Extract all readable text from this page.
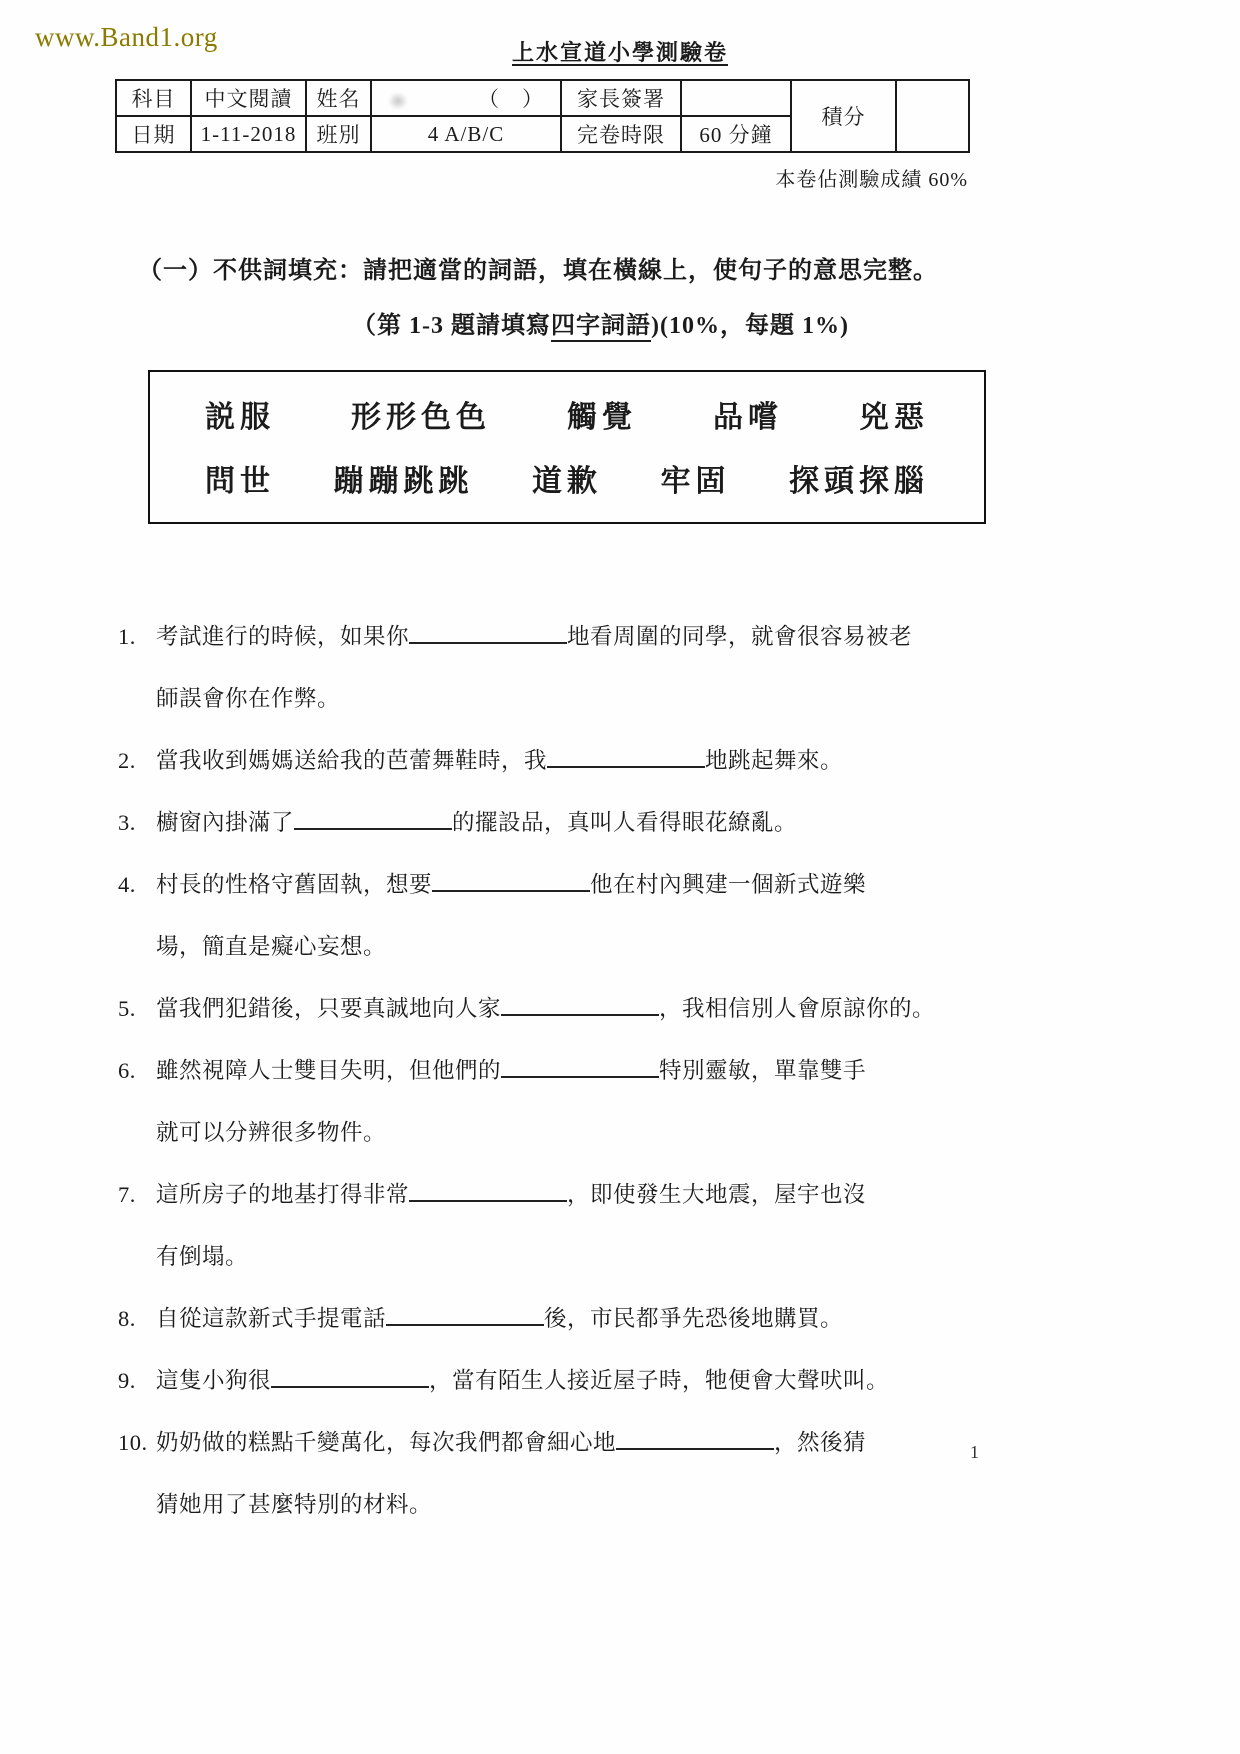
www.Band1.org
上水宣道小學測驗卷
科目	中文閱讀	姓名	（　）	家長簽署		積分	
日期	1-11-2018	班別	4 A/B/C	完卷時限	60 分鐘		
本卷佔測驗成績 60%
（一）不供詞填充：請把適當的詞語，填在橫線上，使句子的意思完整。
（第 1-3 題請填寫四字詞語)(10%，每題 1%)
説服	形形色色	觸覺	品嚐	兇惡
問世 蹦蹦跳跳 道歉 牢固 探頭探腦
1. 考試進行的時候，如果你	地看周圍的同學，就會很容易被老
師誤會你在作弊。
2. 當我收到媽媽送給我的芭蕾舞鞋時，我	地跳起舞來。
3. 櫥窗內掛滿了	的擺設品，真叫人看得眼花繚亂。
4. 村長的性格守舊固執，想要	他在村內興建一個新式遊樂
場，簡直是癡心妄想。
5. 當我們犯錯後，只要真誠地向人家	，我相信別人會原諒你的。
6. 雖然視障人士雙目失明，但他們的	特別靈敏，單靠雙手
就可以分辨很多物件。
7. 這所房子的地基打得非常	，即使發生大地震，屋宇也沒
有倒塌。
8. 自從這款新式手提電話	後，市民都爭先恐後地購買。
9. 這隻小狗很	，當有陌生人接近屋子時，牠便會大聲吠叫。
10. 奶奶做的糕點千變萬化，每次我們都會細心地	，然後猜
猜她用了甚麼特別的材料。
1
